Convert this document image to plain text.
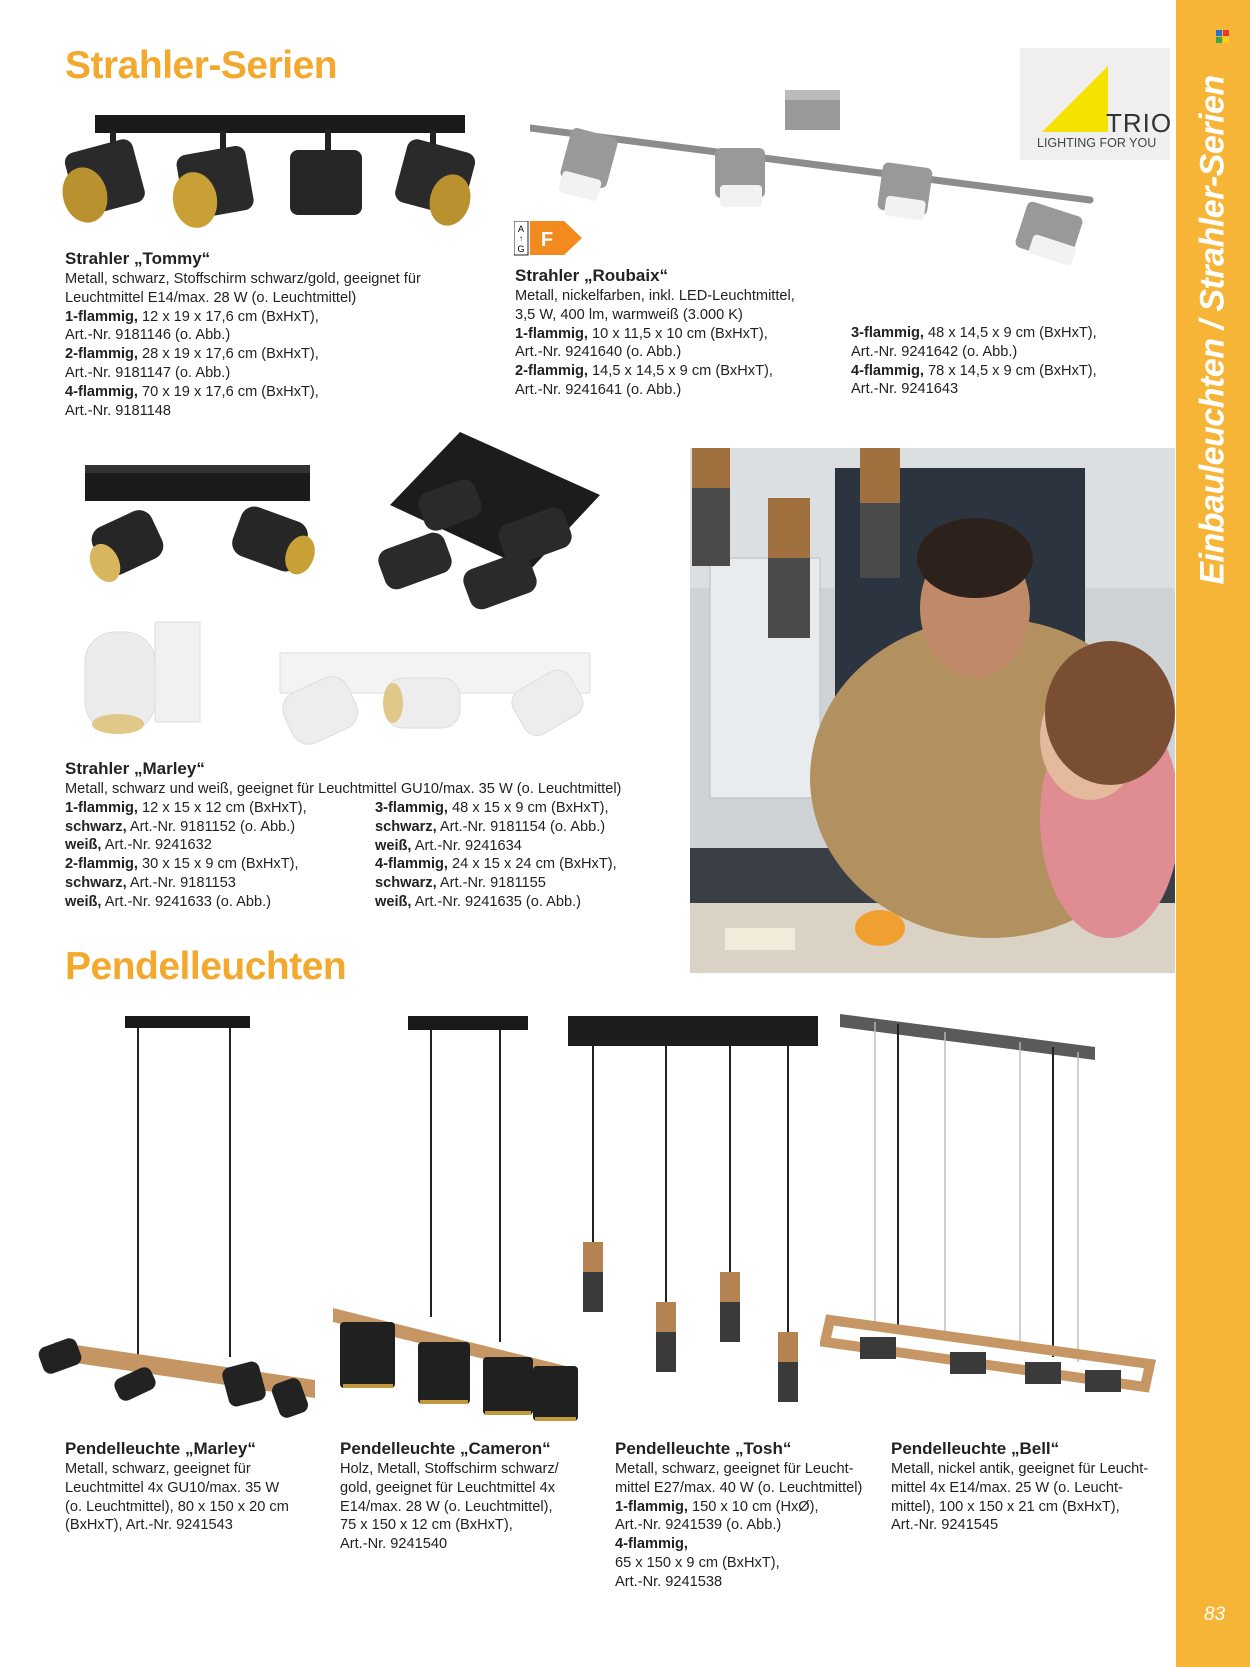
Einbauleuchten / Strahler-Serien
83
Strahler-Serien
Pendelleuchten
TRIO
LIGHTING FOR YOU
A
↑
G F
Strahler „Tommy“
Metall, schwarz, Stoffschirm schwarz/gold, geeignet für
Leuchtmittel E14/max. 28 W (o. Leuchtmittel)
1-flammig, 12 x 19 x 17,6 cm (BxHxT),
Art.-Nr. 9181146 (o. Abb.)
2-flammig, 28 x 19 x 17,6 cm (BxHxT),
Art.-Nr. 9181147 (o. Abb.)
4-flammig, 70 x 19 x 17,6 cm (BxHxT),
Art.-Nr. 9181148
Strahler „Roubaix“
Metall, nickelfarben, inkl. LED-Leuchtmittel,
3,5 W, 400 lm, warmweiß (3.000 K)
1-flammig, 10 x 11,5 x 10 cm (BxHxT),
Art.-Nr. 9241640 (o. Abb.)
2-flammig, 14,5 x 14,5 x 9 cm (BxHxT),
Art.-Nr. 9241641 (o. Abb.)
3-flammig, 48 x 14,5 x 9 cm (BxHxT),
Art.-Nr. 9241642 (o. Abb.)
4-flammig, 78 x 14,5 x 9 cm (BxHxT),
Art.-Nr. 9241643
Strahler „Marley“
Metall, schwarz und weiß, geeignet für Leuchtmittel GU10/max. 35 W (o. Leuchtmittel)
1-flammig, 12 x 15 x 12 cm (BxHxT),
schwarz, Art.-Nr. 9181152 (o. Abb.)
weiß, Art.-Nr. 9241632
2-flammig, 30 x 15 x 9 cm (BxHxT),
schwarz, Art.-Nr. 9181153
weiß, Art.-Nr. 9241633 (o. Abb.)
3-flammig, 48 x 15 x 9 cm (BxHxT),
schwarz, Art.-Nr. 9181154 (o. Abb.)
weiß, Art.-Nr. 9241634
4-flammig, 24 x 15 x 24 cm (BxHxT),
schwarz, Art.-Nr. 9181155
weiß, Art.-Nr. 9241635 (o. Abb.)
Pendelleuchte „Marley“
Metall, schwarz, geeignet für
Leuchtmittel 4x GU10/max. 35 W
(o. Leuchtmittel), 80 x 150 x 20 cm
(BxHxT), Art.-Nr. 9241543
Pendelleuchte „Cameron“
Holz, Metall, Stoffschirm schwarz/
gold, geeignet für Leuchtmittel 4x
E14/max. 28 W (o. Leuchtmittel),
75 x 150 x 12 cm (BxHxT),
Art.-Nr. 9241540
Pendelleuchte „Tosh“
Metall, schwarz, geeignet für Leucht-
mittel E27/max. 40 W (o. Leuchtmittel)
1-flammig, 150 x 10 cm (HxØ),
Art.-Nr. 9241539 (o. Abb.)
4-flammig,
65 x 150 x 9 cm (BxHxT),
Art.-Nr. 9241538
Pendelleuchte „Bell“
Metall, nickel antik, geeignet für Leucht-
mittel 4x E14/max. 25 W (o. Leucht-
mittel), 100 x 150 x 21 cm (BxHxT),
Art.-Nr. 9241545
